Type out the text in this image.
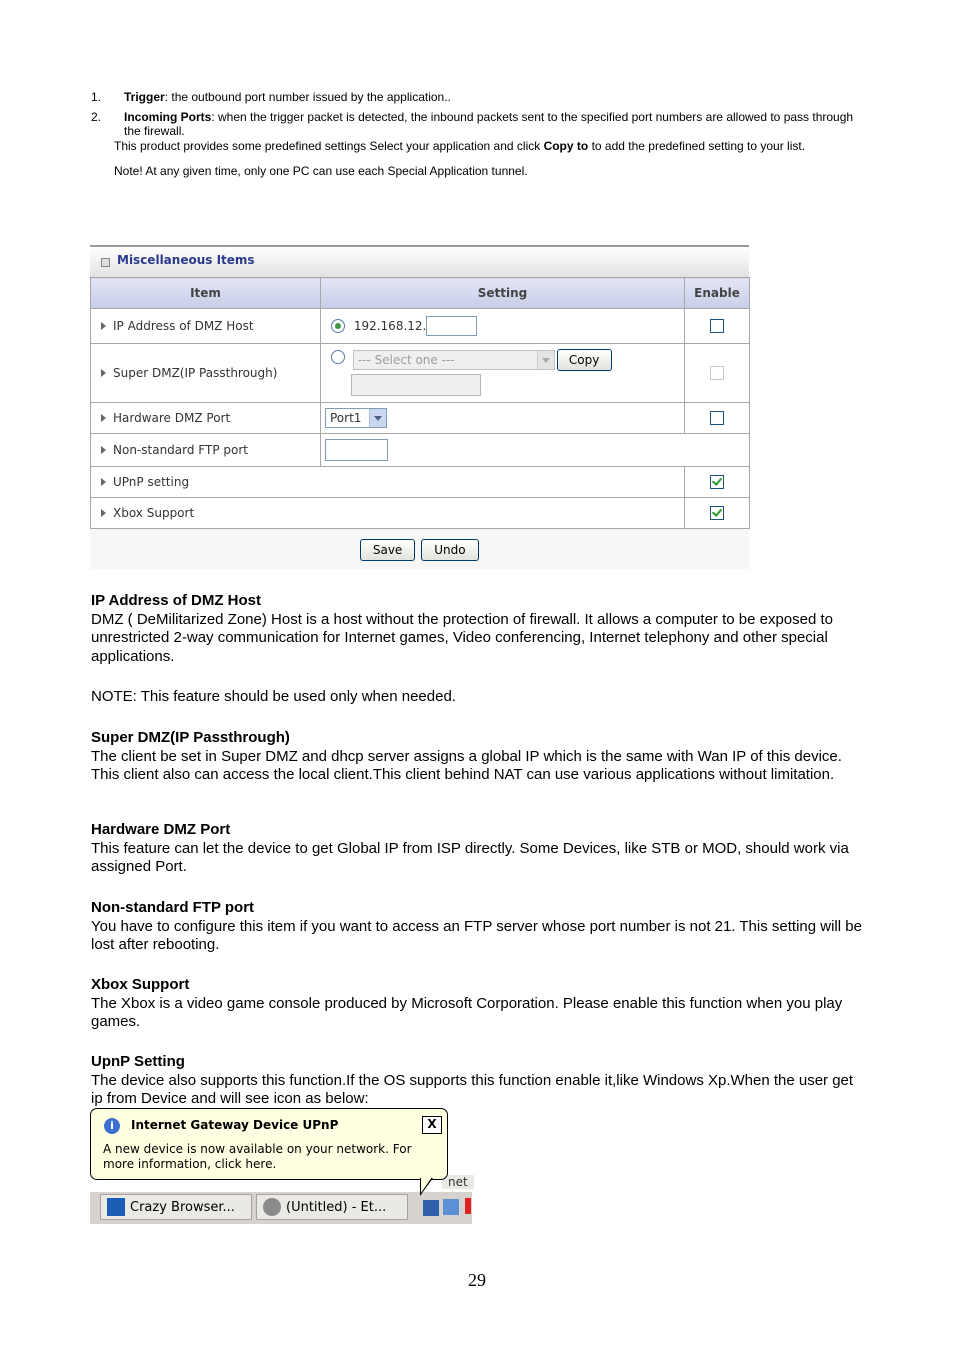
1. Trigger: the outbound port number issued by the application..
2. Incoming Ports: when the trigger packet is detected, the inbound packets sent to the specified port numbers are allowed to pass through the firewall.
This product provides some predefined settings Select your application and click Copy to to add the predefined setting to your list.
Note! At any given time, only one PC can use each Special Application tunnel.
Miscellaneous Items
Item	Setting	Enable
IP Address of DMZ Host	192.168.12.	
Super DMZ(IP Passthrough)	--- Select one --- Copy

Hardware DMZ Port	Port1

Non-standard FTP port		
UPnP setting		
Xbox Support		
Save	Undo
IP Address of DMZ Host

DMZ ( DeMilitarized Zone) Host is a host without the protection of firewall. It allows a computer to be exposed to unrestricted 2-way communication for Internet games, Video conferencing, Internet telephony and other special applications.

NOTE: This feature should be used only when needed.

Super DMZ(IP Passthrough)

The client be set in Super DMZ and dhcp server assigns a global IP which is the same with Wan IP of this device. This client also can access the local client.This client behind NAT can use various applications without limitation.

Hardware DMZ Port

This feature can let the device to get Global IP from ISP directly. Some Devices, like STB or MOD, should work via assigned Port.

Non-standard FTP port

You have to configure this item if you want to access an FTP server whose port number is not 21. This setting will be lost after rebooting.

Xbox Support

The Xbox is a video game console produced by Microsoft Corporation. Please enable this function when you play games.

UpnP Setting

The device also supports this function.If the OS supports this function enable it,like Windows Xp.When the user get ip from Device and will see icon as below:

net
Crazy Browser...	(Untitled) - Et...
i	Internet Gateway Device UPnP	X
A new device is now available on your network. For more information, click here.
29
